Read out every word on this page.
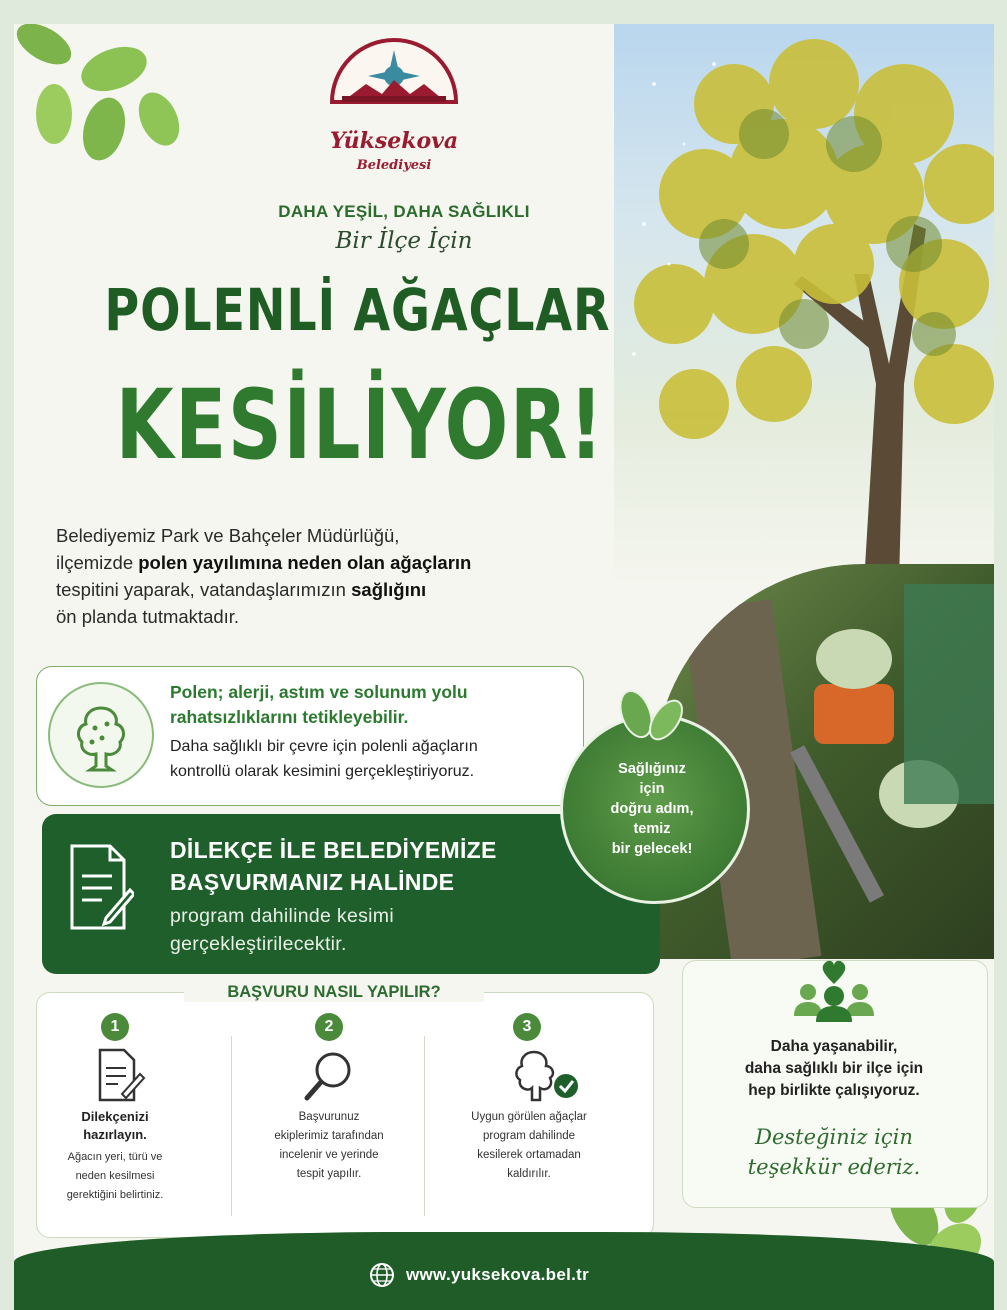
Yüksekova
Belediyesi
DAHA YEŞİL, DAHA SAĞLIKLI
Bir İlçe İçin
POLENLİ AĞAÇLAR
KESİLİYOR!
Belediyemiz Park ve Bahçeler Müdürlüğü,
ilçemizde polen yayılımına neden olan ağaçların
tespitini yaparak, vatandaşlarımızın sağlığını
ön planda tutmaktadır.
Polen; alerji, astım ve solunum yolu
rahatsızlıklarını tetikleyebilir.
Daha sağlıklı bir çevre için polenli ağaçların
kontrollü olarak kesimini gerçekleştiriyoruz.
DİLEKÇE İLE BELEDİYEMİZE
BAŞVURMANIZ HALİNDE
program dahilinde kesimi
gerçekleştirilecektir.
Sağlığınız
için
doğru adım,
temiz
bir gelecek!
BAŞVURU NASIL YAPILIR?
1
Dilekçenizi
hazırlayın.
Ağacın yeri, türü ve
neden kesilmesi
gerektiğini belirtiniz.
2
Başvurunuz
ekiplerimiz tarafından
incelenir ve yerinde
tespit yapılır.
3
Uygun görülen ağaçlar
program dahilinde
kesilerek ortamadan
kaldırılır.
Daha yaşanabilir,
daha sağlıklı bir ilçe için
hep birlikte çalışıyoruz.
Desteğiniz için
teşekkür ederiz.
www.yuksekova.bel.tr
